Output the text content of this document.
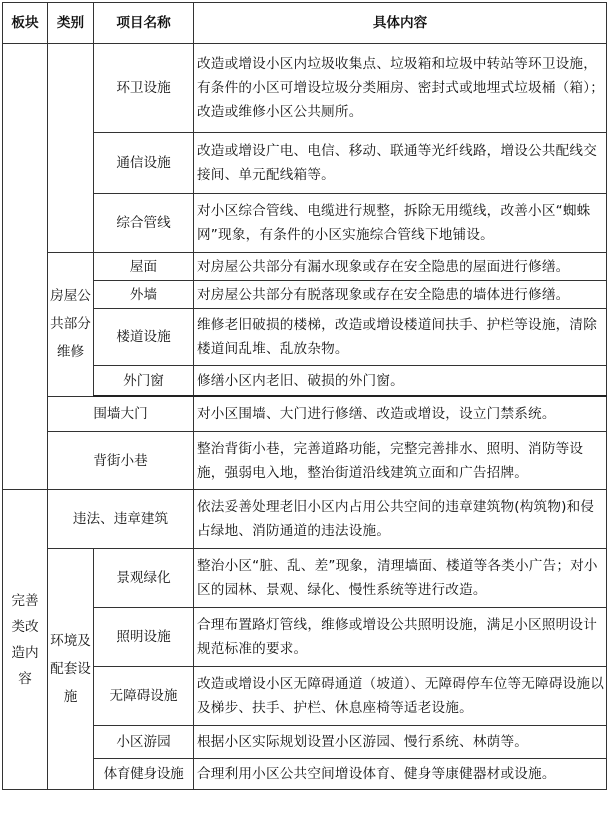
板块	类别	项目名称	具体内容
		环卫设施	改造或增设小区内垃圾收集点、垃圾箱和垃圾中转站等环卫设施，有条件的小区可增设垃圾分类厢房、密封式或地埋式垃圾桶（箱）；改造或维修小区公共厕所。
		通信设施	改造或增设广电、电信、移动、联通等光纤线路，增设公共配线交接间、单元配线箱等。
		综合管线	对小区综合管线、电缆进行规整，拆除无用缆线，改善小区“蜘蛛网”现象，有条件的小区实施综合管线下地铺设。
	房屋公共部分维修	屋面	对房屋公共部分有漏水现象或存在安全隐患的屋面进行修缮。
		外墙	对房屋公共部分有脱落现象或存在安全隐患的墙体进行修缮。
		楼道设施	维修老旧破损的楼梯，改造或增设楼道间扶手、护栏等设施，清除楼道间乱堆、乱放杂物。
		外门窗	修缮小区内老旧、破损的外门窗。
	围墙大门		对小区围墙、大门进行修缮、改造或增设，设立门禁系统。
	背街小巷		整治背街小巷，完善道路功能，完整完善排水、照明、消防等设施，强弱电入地，整治街道沿线建筑立面和广告招牌。
完善类改造内容	违法、违章建筑		依法妥善处理老旧小区内占用公共空间的违章建筑物(构筑物)和侵占绿地、消防通道的违法设施。
	环境及配套设施	景观绿化	整治小区“脏、乱、差”现象，清理墙面、楼道等各类小广告；对小区的园林、景观、绿化、慢性系统等进行改造。
		照明设施	合理布置路灯管线，维修或增设公共照明设施，满足小区照明设计规范标准的要求。
		无障碍设施	改造或增设小区无障碍通道（坡道）、无障碍停车位等无障碍设施以及梯步、扶手、护栏、休息座椅等适老设施。
		小区游园	根据小区实际规划设置小区游园、慢行系统、林荫等。
		体育健身设施	合理利用小区公共空间增设体育、健身等康健器材或设施。
